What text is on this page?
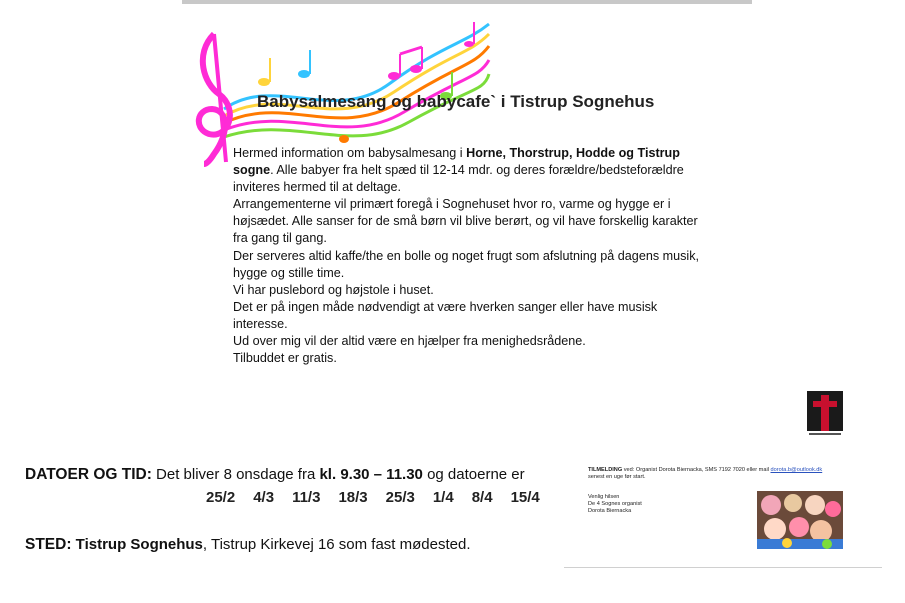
Babysalmesang og babycafe` i Tistrup Sognehus

Hermed information om babysalmesang i Horne, Thorstrup, Hodde og Tistrup sogne. Alle babyer fra helt spæd til 12-14 mdr. og deres forældre/bedsteforældre inviteres hermed til at deltage.

Arrangementerne vil primært foregå i Sognehuset hvor ro, varme og hygge er i højsædet. Alle sanser for de små børn vil blive berørt, og vil have forskellig karakter fra gang til gang.

Der serveres altid kaffe/the en bolle og noget frugt som afslutning på dagens musik, hygge og stille time.

Vi har puslebord og højstole i huset.

Det er på ingen måde nødvendigt at være hverken sanger eller have musisk interesse.

Ud over mig vil der altid være en hjælper fra menighedsrådene.

Tilbuddet er gratis.

DATOER OG TID: Det bliver 8 onsdage fra kl. 9.30 – 11.30 og datoerne er
25/2 4/3 11/3 18/3 25/3 1/4 8/4 15/4
STED: Tistrup Sognehus, Tistrup Kirkevej 16 som fast mødested.
TILMELDING ved: Organist Dorota Biernacka, SMS 7192 7020 eller mail dorota.b@outlook.dk
senest en uge før start.
Venlig hilsen
De 4 Sognes organist
Dorota Biernacka
